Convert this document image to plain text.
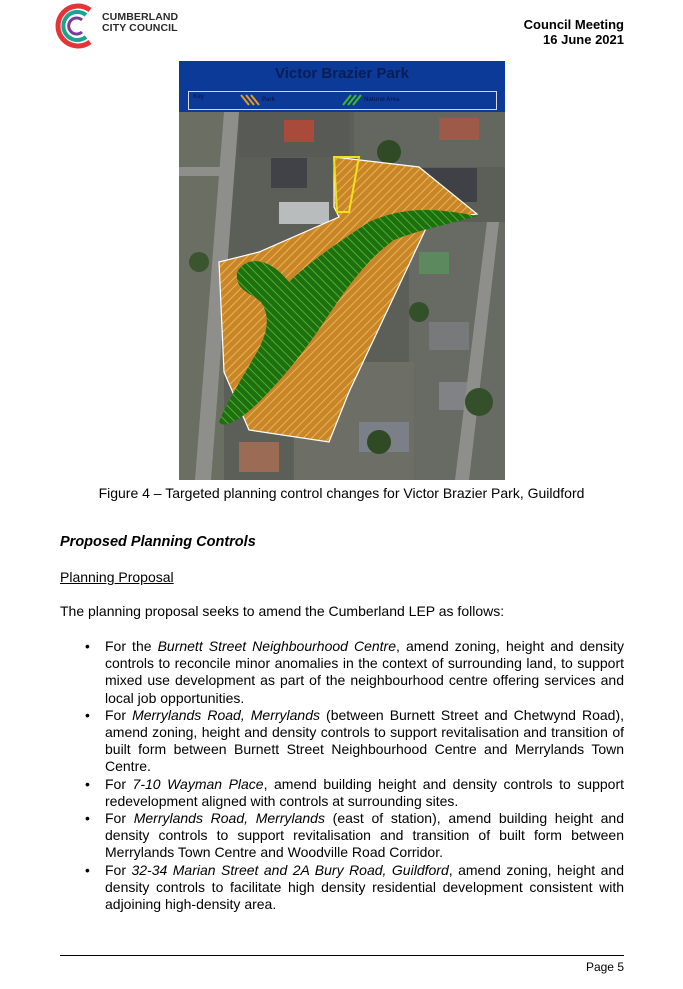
CUMBERLAND
CITY COUNCIL	Council Meeting
16 June 2021
Victor Brazier Park
Key	Park	Natural Area
Figure 4 – Targeted planning control changes for Victor Brazier Park, Guildford
Proposed Planning Controls
Planning Proposal
The planning proposal seeks to amend the Cumberland LEP as follows:
• For the Burnett Street Neighbourhood Centre, amend zoning, height and density controls to reconcile minor anomalies in the context of surrounding land, to support mixed use development as part of the neighbourhood centre offering services and local job opportunities.
• For Merrylands Road, Merrylands (between Burnett Street and Chetwynd Road), amend zoning, height and density controls to support revitalisation and transition of built form between Burnett Street Neighbourhood Centre and Merrylands Town Centre.
• For 7-10 Wayman Place, amend building height and density controls to support redevelopment aligned with controls at surrounding sites.
• For Merrylands Road, Merrylands (east of station), amend building height and density controls to support revitalisation and transition of built form between Merrylands Town Centre and Woodville Road Corridor.
• For 32-34 Marian Street and 2A Bury Road, Guildford, amend zoning, height and density controls to facilitate high density residential development consistent with adjoining high-density area.
Page 5
